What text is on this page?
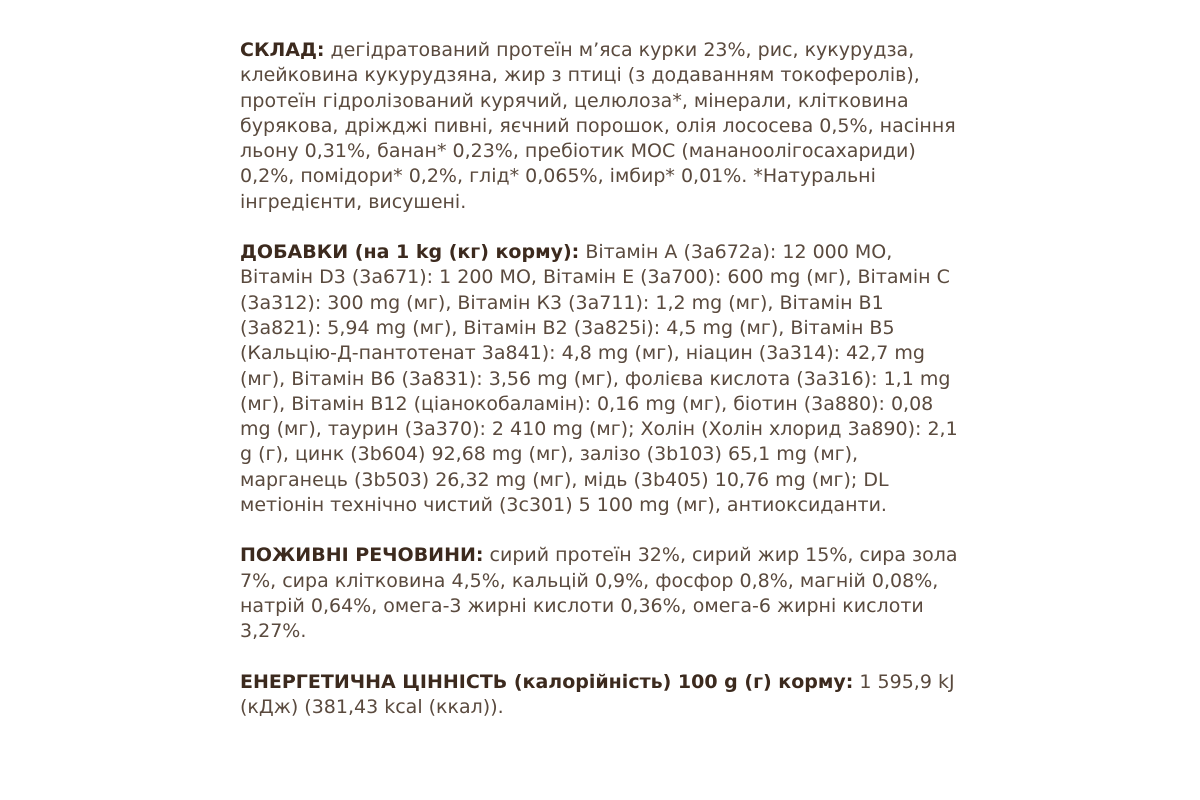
СКЛАД: дегідратований протеїн м’яса курки 23%, рис, кукурудза, клейковина кукурудзяна, жир з птиці (з додаванням токоферолів), протеїн гідролізований курячий, целюлоза*, мінерали, клітковина бурякова, дріжджі пивні, яєчний порошок, олія лососева 0,5%, насіння льону 0,31%, банан* 0,23%, пребіотик МОС (мананоолігосахариди) 0,2%, помідори* 0,2%, глід* 0,065%, імбир* 0,01%. *Натуральні інгредієнти, висушені.

ДОБАВКИ (на 1 kg (кг) корму): Вітамін А (3а672а): 12 000 МО, Вітамін D3 (3а671): 1 200 МО, Вітамін Е (3а700): 600 mg (мг), Вітамін С (3а312): 300 mg (мг), Вітамін К3 (3а711): 1,2 mg (мг), Вітамін В1 (3а821): 5,94 mg (мг), Вітамін В2 (3а825і): 4,5 mg (мг), Вітамін В5 (Кальцію-Д-пантотенат 3а841): 4,8 mg (мг), ніацин (3а314): 42,7 mg (мг), Вітамін В6 (3а831): 3,56 mg (мг), фолієва кислота (3а316): 1,1 mg (мг), Вітамін В12 (ціанокобаламін): 0,16 mg (мг), біотин (3а880): 0,08 mg (мг), таурин (3а370): 2 410 mg (мг); Холін (Холін хлорид 3а890): 2,1 g (г), цинк (3b604) 92,68 mg (мг), залізо (3b103) 65,1 mg (мг), марганець (3b503) 26,32 mg (мг), мідь (3b405) 10,76 mg (мг); DL метіонін технічно чистий (3с301) 5 100 mg (мг), антиоксиданти.

ПОЖИВНІ РЕЧОВИНИ: сирий протеїн 32%, сирий жир 15%, сира зола 7%, сира клітковина 4,5%, кальцій 0,9%, фосфор 0,8%, магній 0,08%, натрій 0,64%, омега-3 жирні кислоти 0,36%, омега-6 жирні кислоти 3,27%.

ЕНЕРГЕТИЧНА ЦІННІСТЬ (калорійність) 100 g (г) корму: 1 595,9 kJ (кДж) (381,43 kcal (ккал)).
